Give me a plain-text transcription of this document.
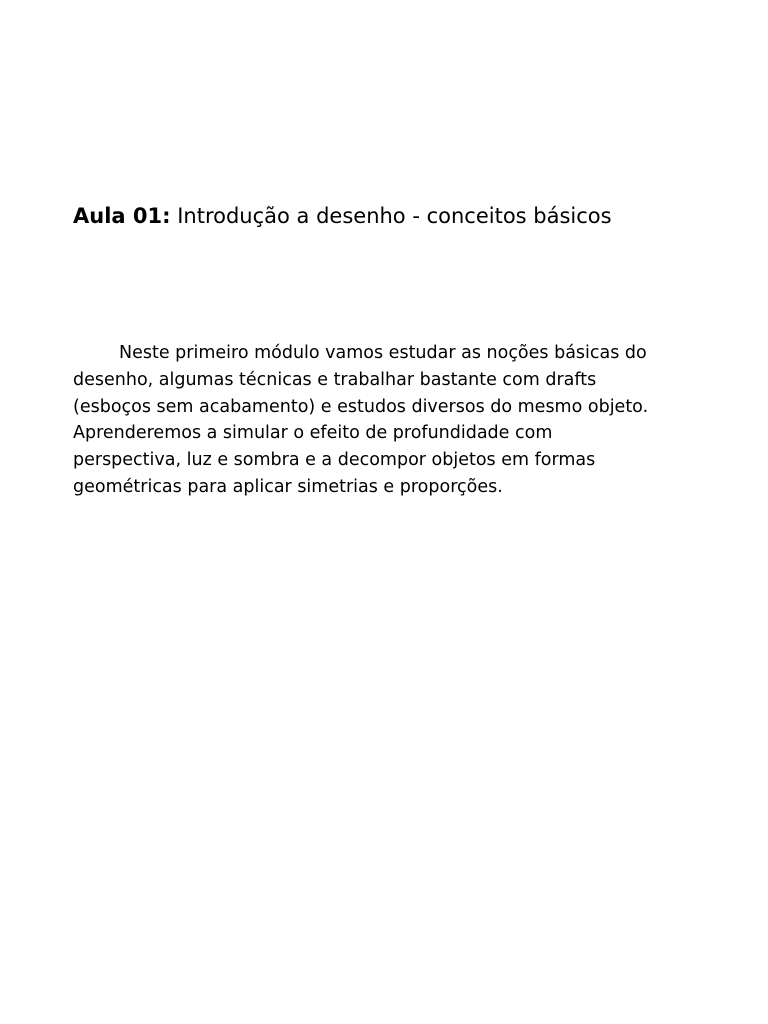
Aula 01: Introdução a desenho - conceitos básicos

Neste primeiro módulo vamos estudar as noções básicas do
desenho, algumas técnicas e trabalhar bastante com drafts
(esboços sem acabamento) e estudos diversos do mesmo objeto.
Aprenderemos a simular o efeito de profundidade com
perspectiva, luz e sombra e a decompor objetos em formas
geométricas para aplicar simetrias e proporções.
